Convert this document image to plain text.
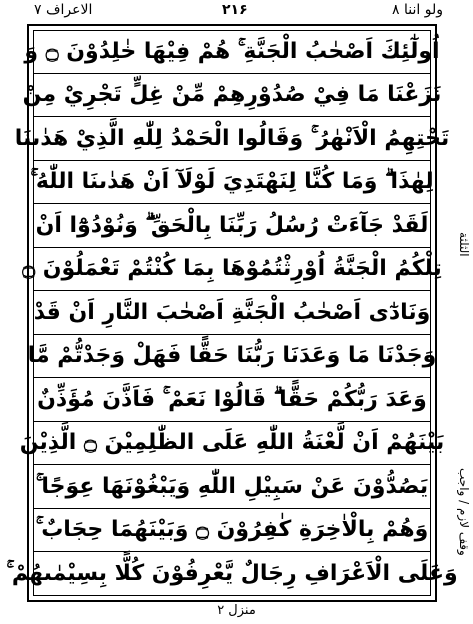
الاعراف ۷	۲۱۶	ولو اننا ۸
اُولٰٓئِكَ اَصْحٰبُ الْجَنَّةِ ۚ هُمْ فِيْهَا خٰلِدُوْنَ ۝ وَ
نَزَعْنَا مَا فِيْ صُدُوْرِهِمْ مِّنْ غِلٍّ تَجْرِيْ مِنْ
تَحْتِهِمُ الْاَنْهٰرُ ۚ وَقَالُوا الْحَمْدُ لِلّٰهِ الَّذِيْ هَدٰىنَا
لِهٰذَا ۗ وَمَا كُنَّا لِنَهْتَدِيَ لَوْلَآ اَنْ هَدٰىنَا اللّٰهُ ۚ
لَقَدْ جَآءَتْ رُسُلُ رَبِّنَا بِالْحَقِّ ۗ وَنُوْدُوْٓا اَنْ
تِلْكُمُ الْجَنَّةُ اُوْرِثْتُمُوْهَا بِمَا كُنْتُمْ تَعْمَلُوْنَ ۝
وَنَادٰٓى اَصْحٰبُ الْجَنَّةِ اَصْحٰبَ النَّارِ اَنْ قَدْ
وَجَدْنَا مَا وَعَدَنَا رَبُّنَا حَقًّا فَهَلْ وَجَدْتُّمْ مَّا
وَعَدَ رَبُّكُمْ حَقًّا ۗ قَالُوْا نَعَمْ ۚ فَاَذَّنَ مُؤَذِّنٌ
بَيْنَهُمْ اَنْ لَّعْنَةُ اللّٰهِ عَلَى الظّٰلِمِيْنَ ۝ الَّذِيْنَ
يَصُدُّوْنَ عَنْ سَبِيْلِ اللّٰهِ وَيَبْغُوْنَهَا عِوَجًا ۚ
وَهُمْ بِالْاٰخِرَةِ كٰفِرُوْنَ ۝ وَبَيْنَهُمَا حِجَابٌ ۚ
وَعَلَى الْاَعْرَافِ رِجَالٌ يَّعْرِفُوْنَ كُلًّا بِسِيْمٰىهُمْ ۚ
الثلثة
وقف لازم / واجب
منزل ۲
